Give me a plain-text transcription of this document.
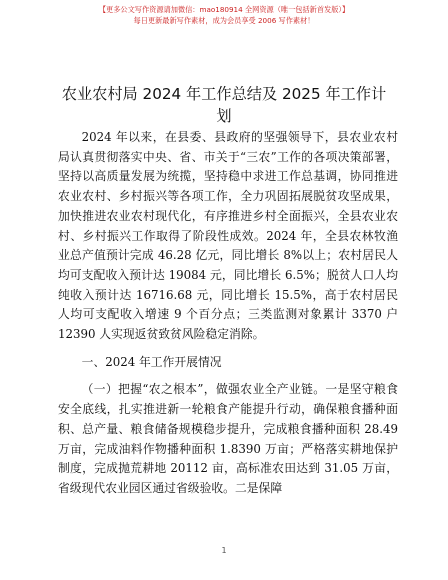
【更多公文写作资源请加微信：mao180914 全网资源（唯一包括新首发版）】
每日更新最新写作素材，成为会员享受 2006 写作素材！
农业农村局 2024 年工作总结及 2025 年工作计
划

2024 年以来，在县委、县政府的坚强领导下，县农业农村局认真贯彻落实中央、省、市关于“三农”工作的各项决策部署，坚持以高质量发展为统揽，坚持稳中求进工作总基调，协同推进农业农村、乡村振兴等各项工作，全力巩固拓展脱贫攻坚成果，加快推进农业农村现代化，有序推进乡村全面振兴，全县农业农村、乡村振兴工作取得了阶段性成效。2024 年，全县农林牧渔业总产值预计完成 46.28 亿元，同比增长 8%以上；农村居民人均可支配收入预计达 19084 元，同比增长 6.5%；脱贫人口人均纯收入预计达 16716.68 元，同比增长 15.5%，高于农村居民人均可支配收入增速 9 个百分点；三类监测对象累计 3370 户 12390 人实现返贫致贫风险稳定消除。

一、2024 年工作开展情况

（一）把握“农之根本”，做强农业全产业链。一是坚守粮食安全底线，扎实推进新一轮粮食产能提升行动，确保粮食播种面积、总产量、粮食储备规模稳步提升，完成粮食播种面积 28.49 万亩，完成油料作物播种面积 1.8390 万亩；严格落实耕地保护制度，完成抛荒耕地 20112 亩，高标准农田达到 31.05 万亩，省级现代农业园区通过省级验收。二是保障

1
